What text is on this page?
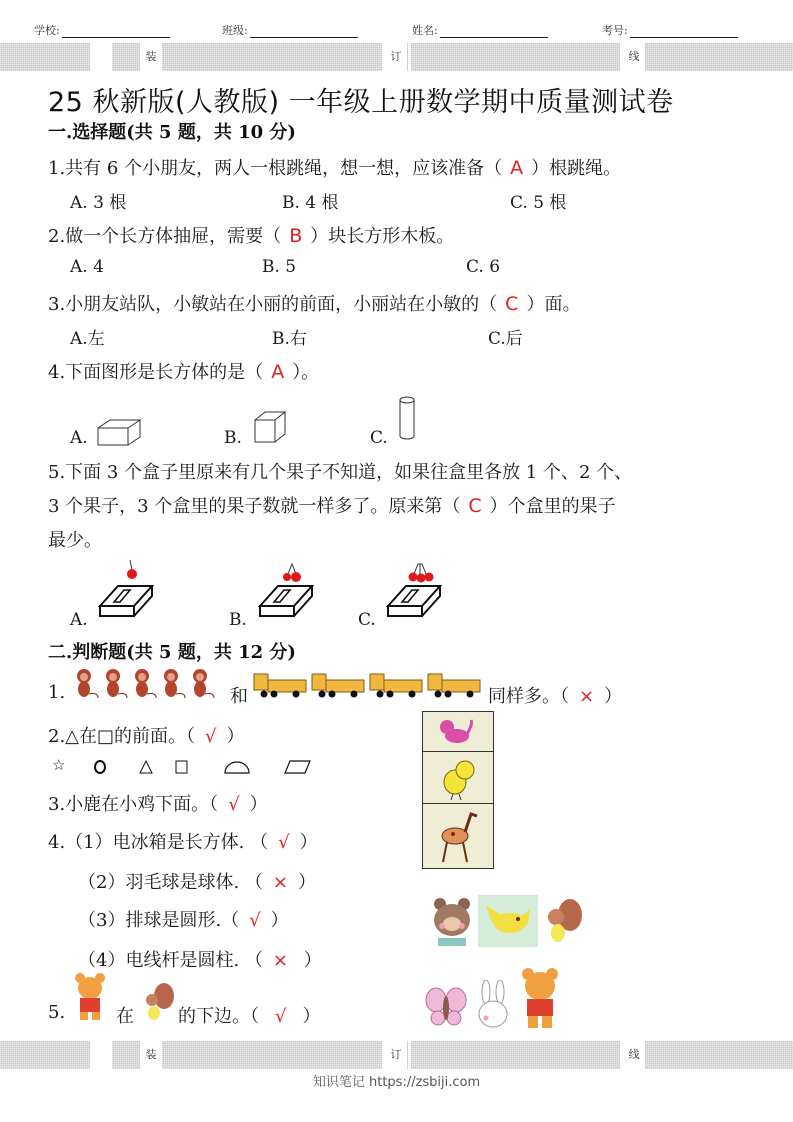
学校:	班级:	姓名:	考号:
装	订	线
25 秋新版(人教版) 一年级上册数学期中质量测试卷
一.选择题(共 5 题，共 10 分)
1.共有 6 个小朋友，两人一根跳绳，想一想，应该准备（ A ）根跳绳。
A. 3 根	B. 4 根	C. 5 根
2.做一个长方体抽屉，需要（ B ）块长方形木板。
A. 4	B. 5	C. 6
3.小朋友站队，小敏站在小丽的前面，小丽站在小敏的（ C ）面。
A.左	B.右	C.后
4.下面图形是长方体的是（ A ）。
A.	B.	C.
5.下面 3 个盒子里原来有几个果子不知道，如果往盒里各放 1 个、2 个、
3 个果子，3 个盒里的果子数就一样多了。原来第（ C ）个盒里的果子
最少。
A.	B.	C.
二.判断题(共 5 题，共 12 分)
1.	和	同样多。（ × ）
2.△在□的前面。（ √ ）
☆
3.小鹿在小鸡下面。（ √ ）
4.（1）电冰箱是长方体. （ √ ）
（2）羽毛球是球体. （ × ）
（3）排球是圆形.（ √ ）
（4）电线杆是圆柱. （ × ）
5.	在 的下边。（ √ ）
装	订	线
知识笔记 https://zsbiji.com
